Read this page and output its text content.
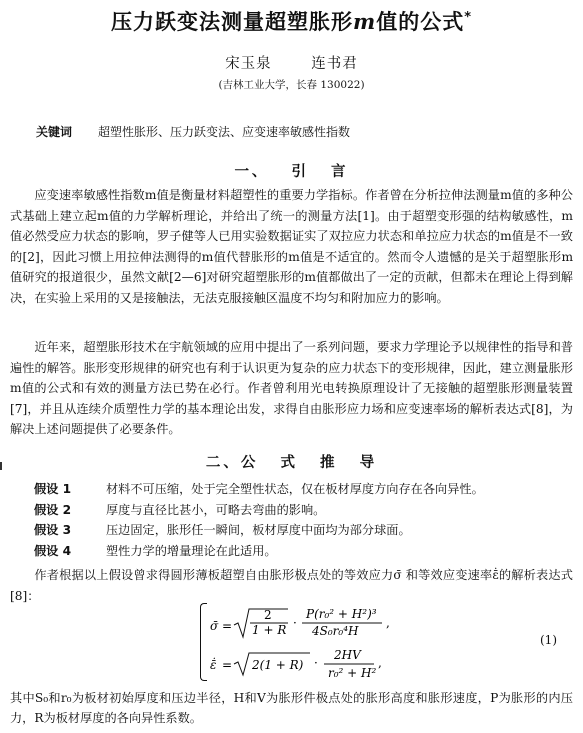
压力跃变法测量超塑胀形m值的公式*
宋玉泉 连书君
(吉林工业大学，长春 130022)
关键词 超塑性胀形、压力跃变法、应变速率敏感性指数
一、 引 言
应变速率敏感性指数m值是衡量材料超塑性的重要力学指标。作者曾在分析拉伸法测量m值的多种公式基础上建立起m值的力学解析理论，并给出了统一的测量方法[1]。由于超塑变形强的结构敏感性，m值必然受应力状态的影响，罗子健等人已用实验数据证实了双拉应力状态和单拉应力状态的m值是不一致的[2]，因此习惯上用拉伸法测得的m值代替胀形的m值是不适宜的。然而令人遗憾的是关于超塑胀形m值研究的报道很少，虽然文献[2—6]对研究超塑胀形的m值都做出了一定的贡献，但都未在理论上得到解决，在实验上采用的又是接触法，无法克服接触区温度不均匀和附加应力的影响。
近年来，超塑胀形技术在宇航领域的应用中提出了一系列问题，要求力学理论予以规律性的指导和普遍性的解答。胀形变形规律的研究也有利于认识更为复杂的应力状态下的变形规律，因此，建立测量胀形m值的公式和有效的测量方法已势在必行。作者曾利用光电转换原理设计了无接触的超塑胀形测量装置[7]，并且从连续介质塑性力学的基本理论出发，求得自由胀形应力场和应变速率场的解析表达式[8]，为解决上述问题提供了必要条件。
二、公 式 推 导
假设 1	材料不可压缩，处于完全塑性状态，仅在板材厚度方向存在各向异性。
假设 2	厚度与直径比甚小，可略去弯曲的影响。
假设 3	压边固定，胀形任一瞬间，板材厚度中面均为部分球面。
假设 4	塑性力学的增量理论在此适用。
作者根据以上假设曾求得圆形薄板超塑自由胀形极点处的等效应力σ̄ 和等效应变速率ε̄̇的解析表达式[8]：
σ̄ =
2
1 + R ·
P(r₀² + H²)³
4S₀r₀⁴H
,
ε̄̇ = 2(1 + R) ·
2HV
r₀² + H²
,
(1)
其中S₀和r₀为板材初始厚度和压边半径，H和V为胀形件极点处的胀形高度和胀形速度，P为胀形的内压力，R为板材厚度的各向异性系数。
